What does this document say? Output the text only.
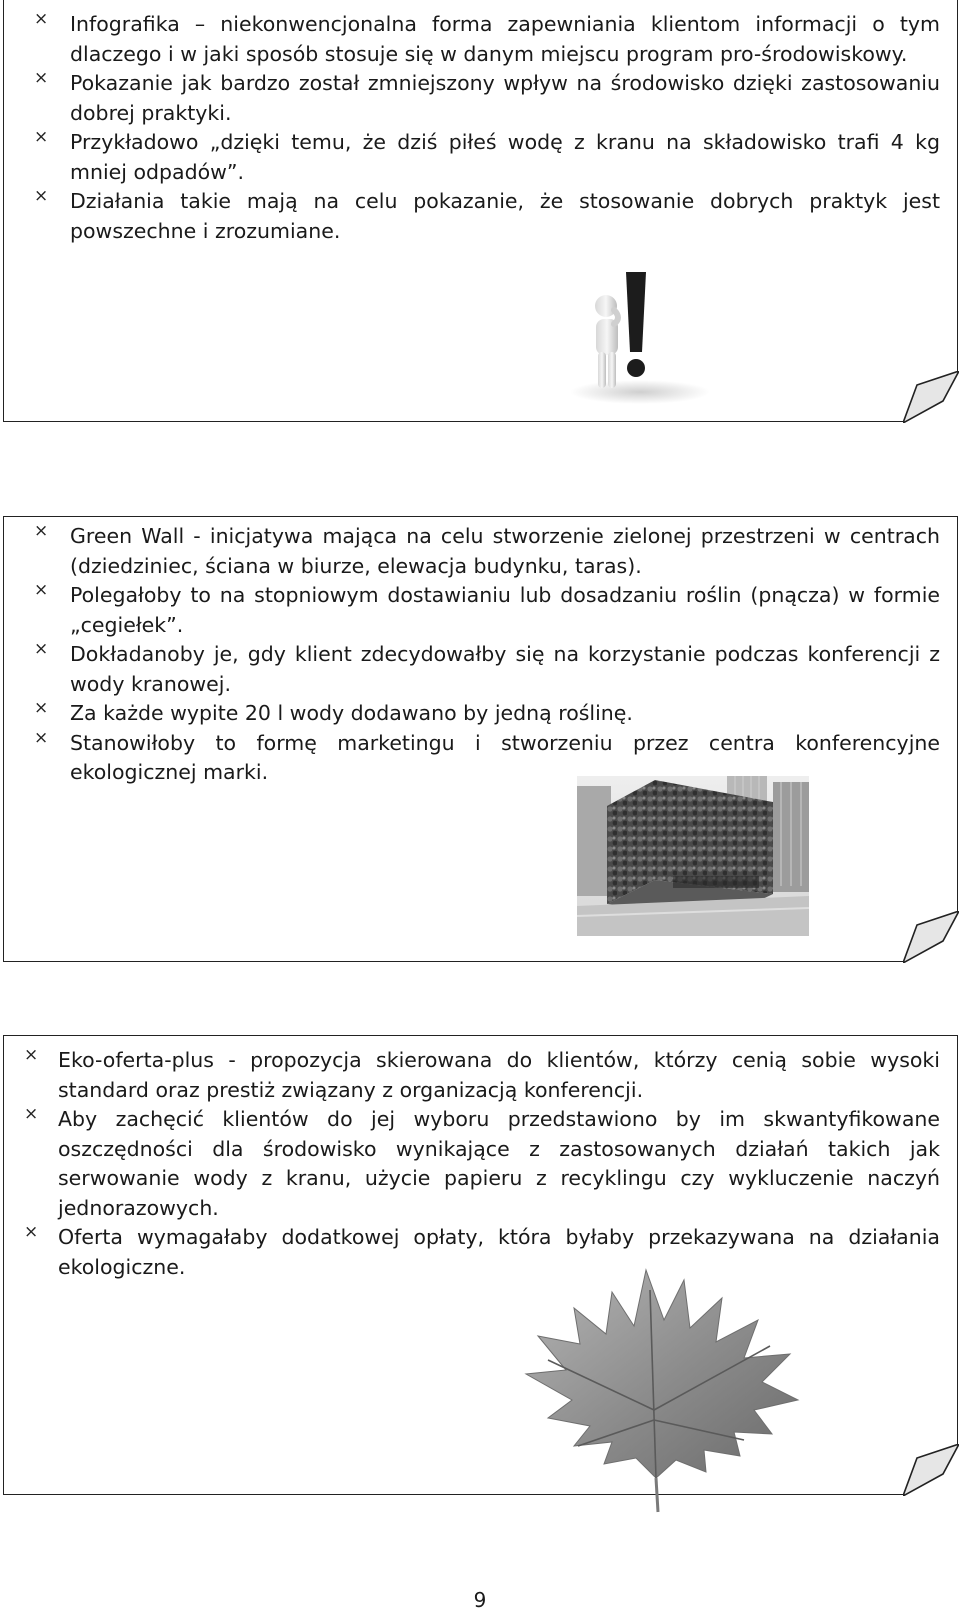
× Infografika – niekonwencjonalna forma zapewniania klientom informacji o tym dlaczego i w jaki sposób stosuje się w danym miejscu program pro-środowiskowy.
× Pokazanie jak bardzo został zmniejszony wpływ na środowisko dzięki zastosowaniu dobrej praktyki.
× Przykładowo „dzięki temu, że dziś piłeś wodę z kranu na składowisko trafi 4 kg mniej odpadów”.
× Działania takie mają na celu pokazanie, że stosowanie dobrych praktyk jest powszechne i zrozumiane.
× Green Wall - inicjatywa mająca na celu stworzenie zielonej przestrzeni w centrach (dziedziniec, ściana w biurze, elewacja budynku, taras).
× Polegałoby to na stopniowym dostawianiu lub dosadzaniu roślin (pnącza) w formie „cegiełek”.
× Dokładanoby je, gdy klient zdecydowałby się na korzystanie podczas konferencji z wody kranowej.
× Za każde wypite 20 l wody dodawano by jedną roślinę.
× Stanowiłoby to formę marketingu i stworzeniu przez centra konferencyjne ekologicznej marki.
× Eko-oferta-plus - propozycja skierowana do klientów, którzy cenią sobie wysoki standard oraz prestiż związany z organizacją konferencji.
× Aby zachęcić klientów do jej wyboru przedstawiono by im skwantyfikowane oszczędności dla środowisko wynikające z zastosowanych działań takich jak serwowanie wody z kranu, użycie papieru z recyklingu czy wykluczenie naczyń jednorazowych.
× Oferta wymagałaby dodatkowej opłaty, która byłaby przekazywana na działania ekologiczne.
9
